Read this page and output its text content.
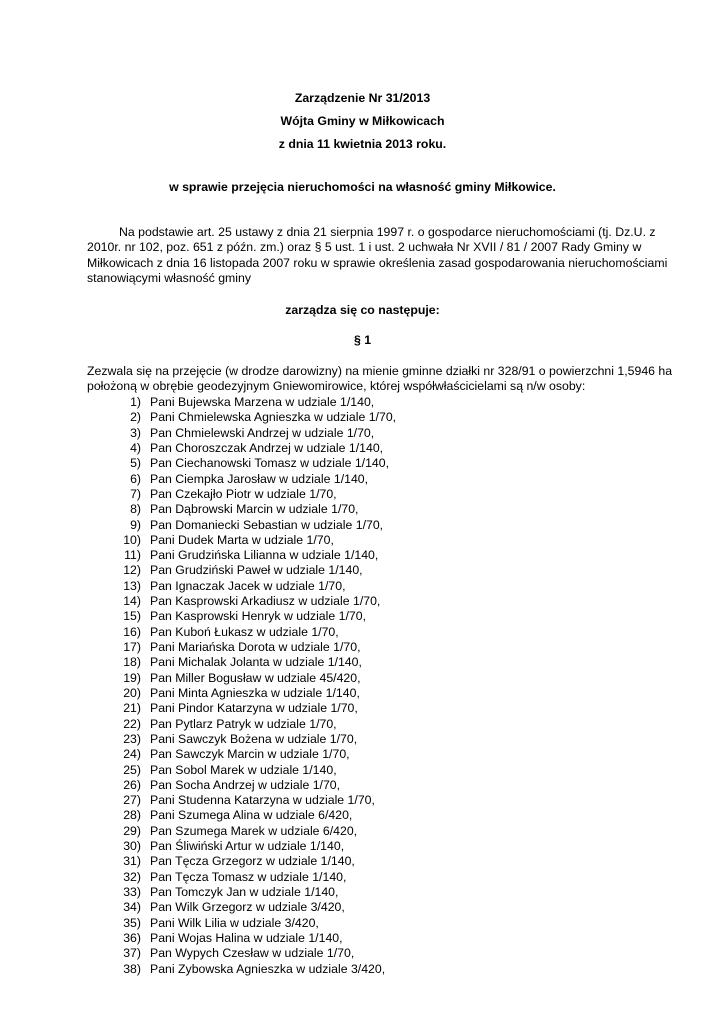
Zarządzenie Nr 31/2013
Wójta Gminy w Miłkowicach
z dnia 11 kwietnia 2013 roku.
w sprawie przejęcia nieruchomości na własność gminy Miłkowice.
Na podstawie art. 25 ustawy z dnia 21 sierpnia 1997 r. o gospodarce nieruchomościami (tj. Dz.U. z
2010r. nr 102, poz. 651 z późn. zm.) oraz § 5 ust. 1 i ust. 2 uchwała Nr XVII / 81 / 2007 Rady Gminy w
Miłkowicach z dnia 16 listopada 2007 roku w sprawie określenia zasad gospodarowania nieruchomościami
stanowiącymi własność gminy
zarządza się co następuje:
§ 1
Zezwala się na przejęcie (w drodze darowizny) na mienie gminne działki nr 328/91 o powierzchni 1,5946 ha
położoną w obrębie geodezyjnym Gniewomirowice, której współwłaścicielami są n/w osoby:
1) Pani Bujewska Marzena w udziale 1/140,
2) Pani Chmielewska Agnieszka w udziale 1/70,
3) Pan Chmielewski Andrzej w udziale 1/70,
4) Pan Choroszczak Andrzej w udziale 1/140,
5) Pan Ciechanowski Tomasz w udziale 1/140,
6) Pan Ciempka Jarosław w udziale 1/140,
7) Pan Czekajło Piotr w udziale 1/70,
8) Pan Dąbrowski Marcin w udziale 1/70,
9) Pan Domaniecki Sebastian w udziale 1/70,
10) Pani Dudek Marta w udziale 1/70,
11) Pani Grudzińska Lilianna w udziale 1/140,
12) Pan Grudziński Paweł w udziale 1/140,
13) Pan Ignaczak Jacek w udziale 1/70,
14) Pan Kasprowski Arkadiusz w udziale 1/70,
15) Pan Kasprowski Henryk w udziale 1/70,
16) Pan Kuboń Łukasz w udziale 1/70,
17) Pani Mariańska Dorota w udziale 1/70,
18) Pani Michalak Jolanta w udziale 1/140,
19) Pan Miller Bogusław w udziale 45/420,
20) Pani Minta Agnieszka w udziale 1/140,
21) Pani Pindor Katarzyna w udziale 1/70,
22) Pan Pytlarz Patryk w udziale 1/70,
23) Pani Sawczyk Bożena w udziale 1/70,
24) Pan Sawczyk Marcin w udziale 1/70,
25) Pan Sobol Marek w udziale 1/140,
26) Pan Socha Andrzej w udziale 1/70,
27) Pani Studenna Katarzyna w udziale 1/70,
28) Pani Szumega Alina w udziale 6/420,
29) Pan Szumega Marek w udziale 6/420,
30) Pan Śliwiński Artur w udziale 1/140,
31) Pan Tęcza Grzegorz w udziale 1/140,
32) Pan Tęcza Tomasz w udziale 1/140,
33) Pan Tomczyk Jan w udziale 1/140,
34) Pan Wilk Grzegorz w udziale 3/420,
35) Pani Wilk Lilia w udziale 3/420,
36) Pani Wojas Halina w udziale 1/140,
37) Pan Wypych Czesław w udziale 1/70,
38) Pani Zybowska Agnieszka w udziale 3/420,
